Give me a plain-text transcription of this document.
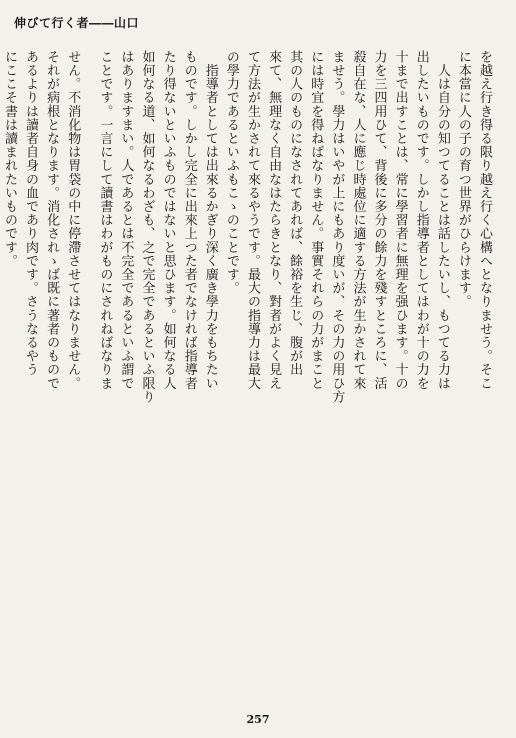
伸びて行く者――山口
を越え行き得る限り越え行く心構へとなりませう。そこ
に本當に人の子の育つ世界がひらけます。
　人は自分の知つてることは話したいし、もつてる力は
出したいものです。しかし指導者としてはわが十の力を
十まで出すことは、常に學習者に無理を强ひます。十の
力を三四用ひて、背後に多分の餘力を殘すところに、活
殺自在な、人に應じ時處位に適する方法が生かされて來
ませう。學力はいやが上にもあり度いが、その力の用ひ方
には時宜を得ねばなりません。事實それらの力がまこと
其の人のものになされてあれば、餘裕を生じ、腹が出
來て、無理なく自由なはたらきとなり、對者がよく見え
て方法が生かされて來るやうです。最大の指導力は最大
の學力であるといふもこゝのことです。
　指導者としては出來るかぎり深く廣き學力をもちたい
ものです。しかし完全に出來上つた者でなければ指導者
たり得ないといふものではないと思ひます。如何なる人
如何なる道、如何なるわざも、之で完全であるといふ限り
はありますまい。人であるとは不完全であるといふ謂で
ことです。一言にして讀書はわがものにされねばなりま
せん。不消化物は胃袋の中に停滯させてはなりません。
それが病根となります。消化されゝば既に著者のもので
あるよりは讀者自身の血であり肉です。さうなるやう
にここそ書は讀まれたいものです。
257
